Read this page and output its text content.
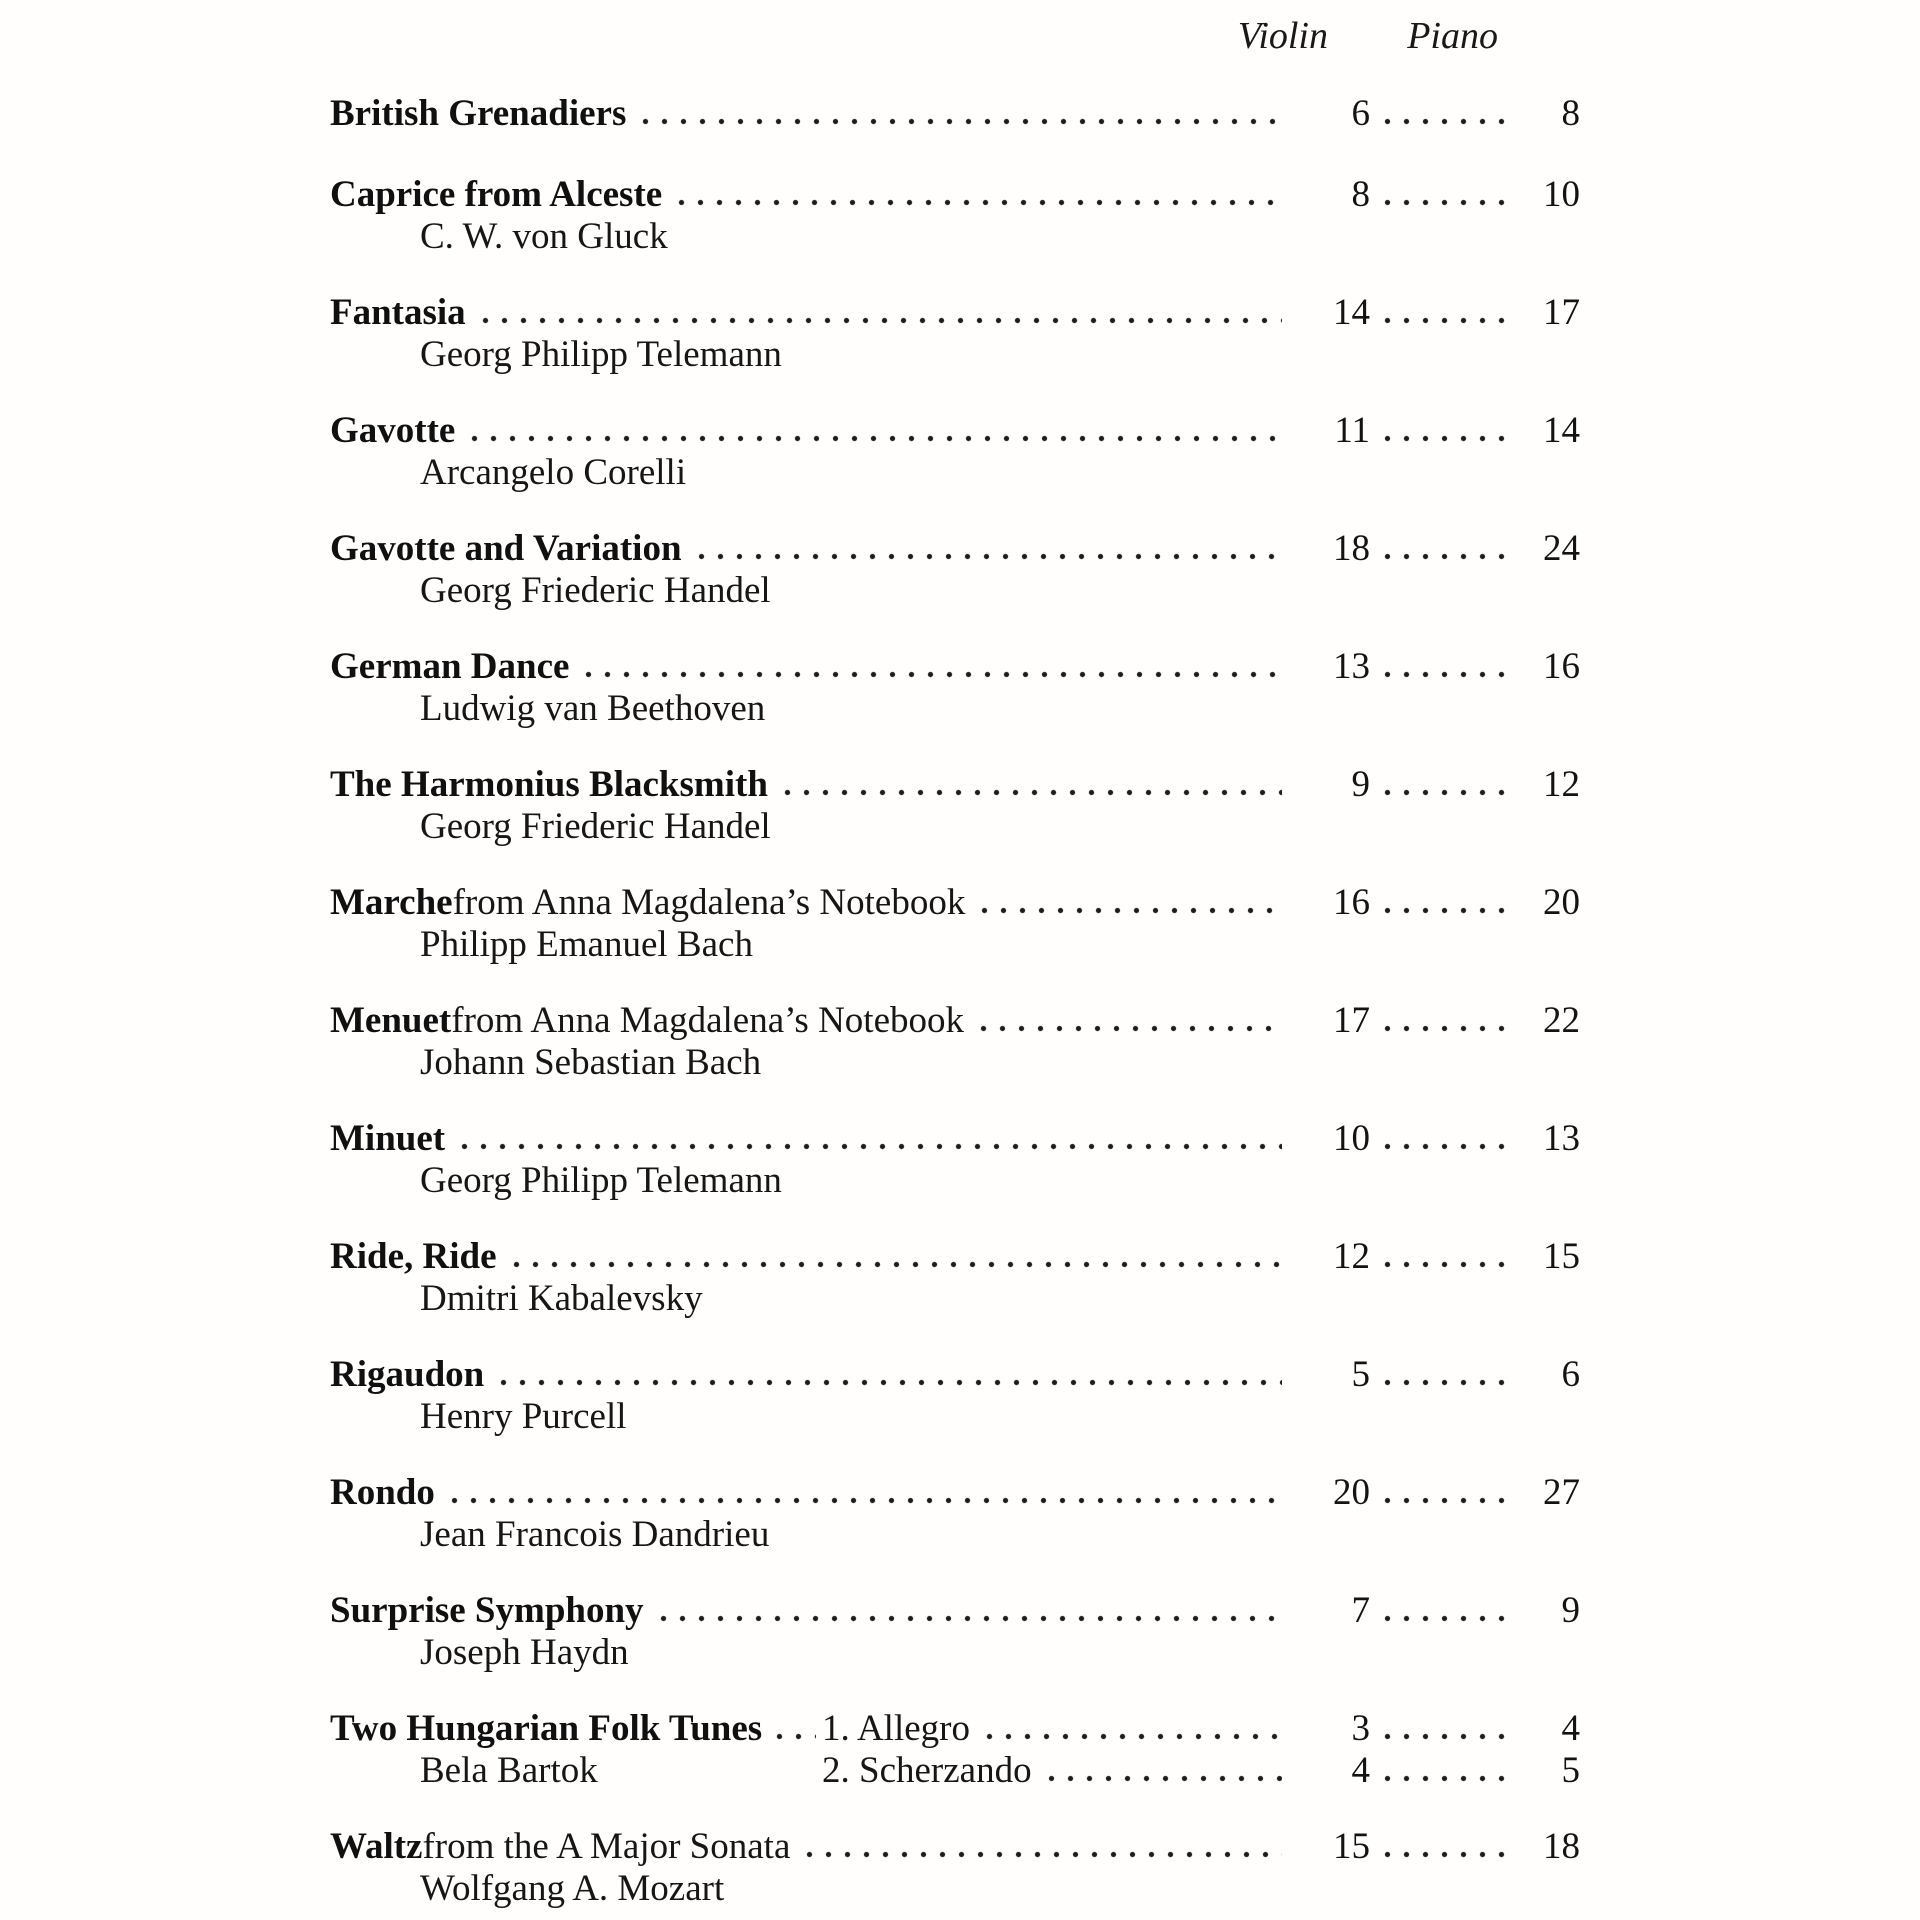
Violin Piano
British Grenadiers	6	8
Caprice from Alceste	8	10
C. W. von Gluck
Fantasia	14	17
Georg Philipp Telemann
Gavotte	11	14
Arcangelo Corelli
Gavotte and Variation	18	24
Georg Friederic Handel
German Dance	13	16
Ludwig van Beethoven
The Harmonius Blacksmith	9	12
Georg Friederic Handel
Marche from Anna Magdalena’s Notebook	16	20
Philipp Emanuel Bach
Menuet from Anna Magdalena’s Notebook	17	22
Johann Sebastian Bach
Minuet	10	13
Georg Philipp Telemann
Ride, Ride	12	15
Dmitri Kabalevsky
Rigaudon	5	6
Henry Purcell
Rondo	20	27
Jean Francois Dandrieu
Surprise Symphony	7	9
Joseph Haydn
Two Hungarian Folk Tunes 1. Allegro	3	4
Bela Bartok	2. Scherzando	4	5
Waltz from the A Major Sonata	15	18
Wolfgang A. Mozart
